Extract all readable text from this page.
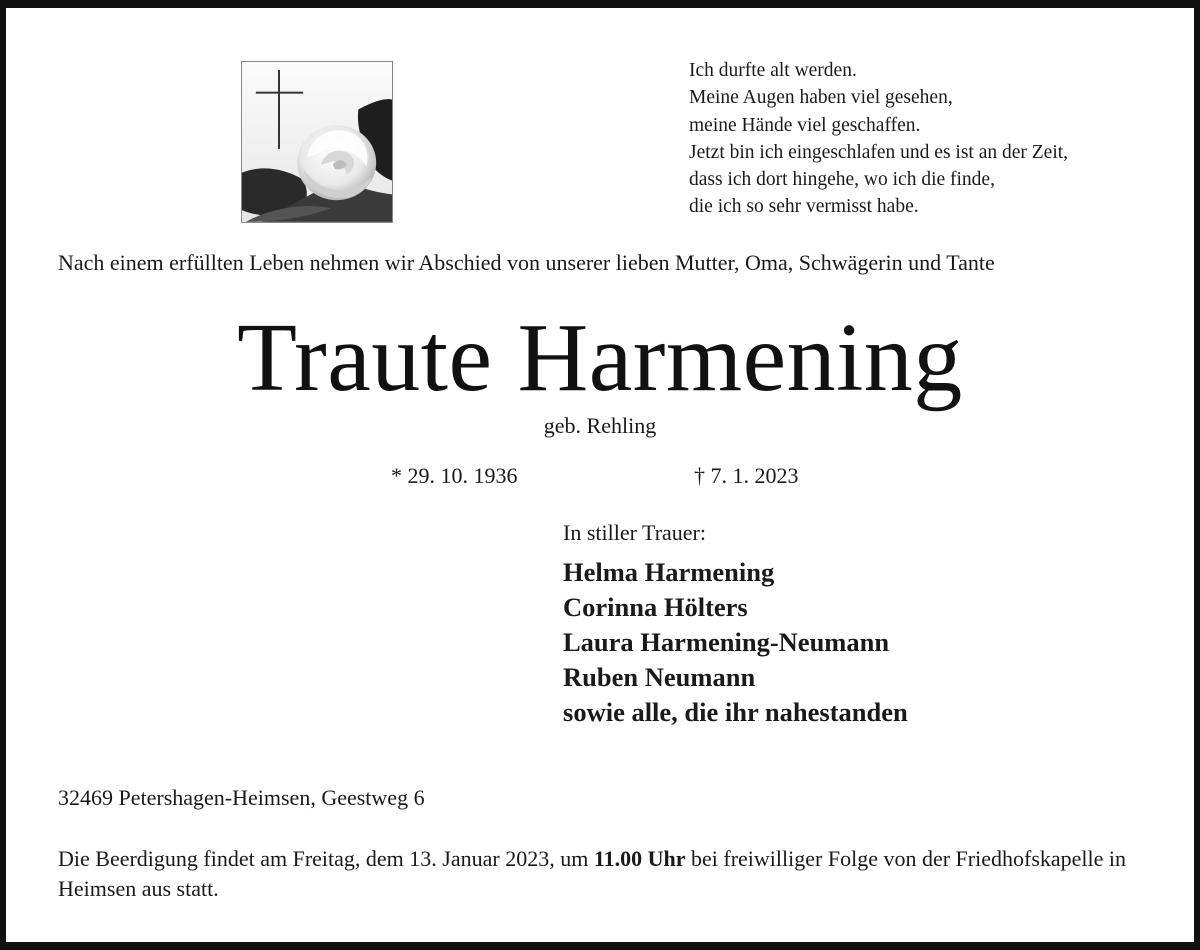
Ich durfte alt werden.
Meine Augen haben viel gesehen,
meine Hände viel geschaffen.
Jetzt bin ich eingeschlafen und es ist an der Zeit,
dass ich dort hingehe, wo ich die finde,
die ich so sehr vermisst habe.
Nach einem erfüllten Leben nehmen wir Abschied von unserer lieben Mutter, Oma, Schwägerin und Tante
Traute Harmening
geb. Rehling
* 29. 10. 1936	† 7. 1. 2023
In stiller Trauer:
Helma Harmening
Corinna Hölters
Laura Harmening-Neumann
Ruben Neumann
sowie alle, die ihr nahestanden
32469 Petershagen-Heimsen, Geestweg 6
Die Beerdigung findet am Freitag, dem 13. Januar 2023, um 11.00 Uhr bei freiwilliger Folge von der Friedhofskapelle in Heimsen aus statt.
